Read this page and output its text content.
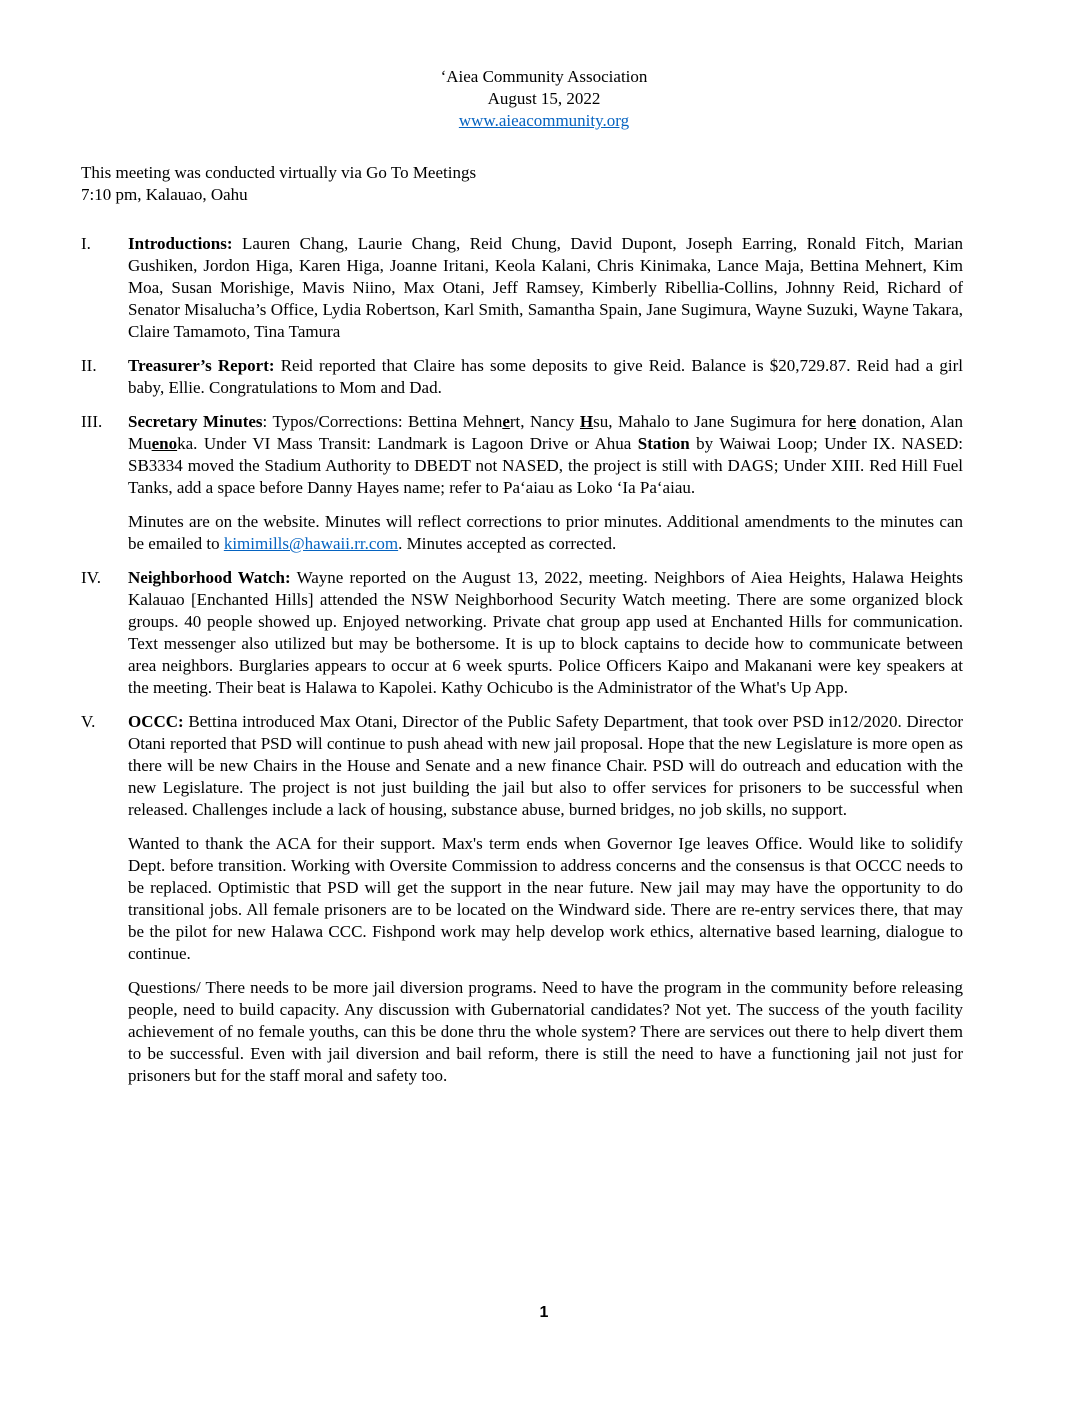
‘Aiea Community Association
August 15, 2022
www.aieacommunity.org
This meeting was conducted virtually via Go To Meetings
7:10 pm, Kalauao, Oahu
I. Introductions: Lauren Chang, Laurie Chang, Reid Chung, David Dupont, Joseph Earring, Ronald Fitch, Marian Gushiken, Jordon Higa, Karen Higa, Joanne Iritani, Keola Kalani, Chris Kinimaka, Lance Maja, Bettina Mehnert, Kim Moa, Susan Morishige, Mavis Niino, Max Otani, Jeff Ramsey, Kimberly Ribellia-Collins, Johnny Reid, Richard of Senator Misalucha’s Office, Lydia Robertson, Karl Smith, Samantha Spain, Jane Sugimura, Wayne Suzuki, Wayne Takara, Claire Tamamoto, Tina Tamura

II. Treasurer’s Report: Reid reported that Claire has some deposits to give Reid. Balance is $20,729.87. Reid had a girl baby, Ellie. Congratulations to Mom and Dad.

III. Secretary Minutes: Typos/Corrections: Bettina Mehnert, Nancy Hsu, Mahalo to Jane Sugimura for here donation, Alan Muenoka. Under VI Mass Transit: Landmark is Lagoon Drive or Ahua Station by Waiwai Loop; Under IX. NASED: SB3334 moved the Stadium Authority to DBEDT not NASED, the project is still with DAGS; Under XIII. Red Hill Fuel Tanks, add a space before Danny Hayes name; refer to Pa‘aiau as Loko ‘Ia Pa‘aiau.

Minutes are on the website. Minutes will reflect corrections to prior minutes. Additional amendments to the minutes can be emailed to kimimills@hawaii.rr.com. Minutes accepted as corrected.

IV. Neighborhood Watch: Wayne reported on the August 13, 2022, meeting. Neighbors of Aiea Heights, Halawa Heights Kalauao [Enchanted Hills] attended the NSW Neighborhood Security Watch meeting. There are some organized block groups. 40 people showed up. Enjoyed networking. Private chat group app used at Enchanted Hills for communication. Text messenger also utilized but may be bothersome. It is up to block captains to decide how to communicate between area neighbors. Burglaries appears to occur at 6 week spurts. Police Officers Kaipo and Makanani were key speakers at the meeting. Their beat is Halawa to Kapolei. Kathy Ochicubo is the Administrator of the What's Up App.

V. OCCC: Bettina introduced Max Otani, Director of the Public Safety Department, that took over PSD in12/2020. Director Otani reported that PSD will continue to push ahead with new jail proposal. Hope that the new Legislature is more open as there will be new Chairs in the House and Senate and a new finance Chair. PSD will do outreach and education with the new Legislature. The project is not just building the jail but also to offer services for prisoners to be successful when released. Challenges include a lack of housing, substance abuse, burned bridges, no job skills, no support.

Wanted to thank the ACA for their support. Max's term ends when Governor Ige leaves Office. Would like to solidify Dept. before transition. Working with Oversite Commission to address concerns and the consensus is that OCCC needs to be replaced. Optimistic that PSD will get the support in the near future. New jail may may have the opportunity to do transitional jobs. All female prisoners are to be located on the Windward side. There are re-entry services there, that may be the pilot for new Halawa CCC. Fishpond work may help develop work ethics, alternative based learning, dialogue to continue.

Questions/ There needs to be more jail diversion programs. Need to have the program in the community before releasing people, need to build capacity. Any discussion with Gubernatorial candidates? Not yet. The success of the youth facility achievement of no female youths, can this be done thru the whole system? There are services out there to help divert them to be successful. Even with jail diversion and bail reform, there is still the need to have a functioning jail not just for prisoners but for the staff moral and safety too.

1
